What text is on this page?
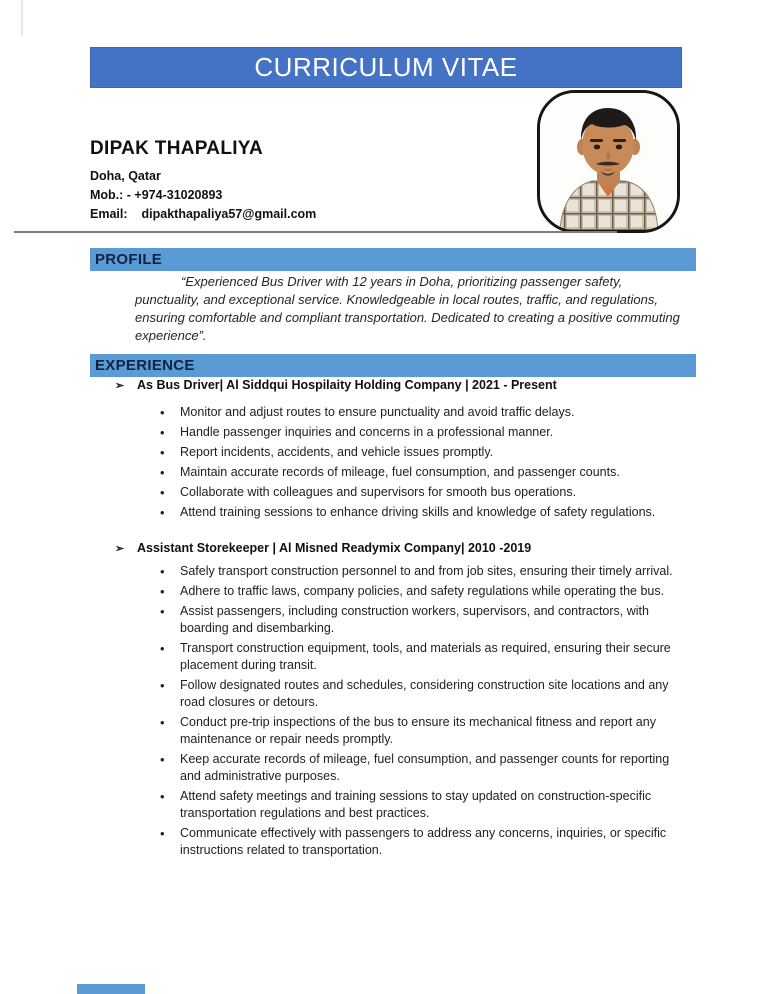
CURRICULUM VITAE
DIPAK THAPALIYA
Doha, Qatar
Mob.: - +974-31020893
Email: dipakthapaliya57@gmail.com
PROFILE
“Experienced Bus Driver with 12 years in Doha, prioritizing passenger safety, punctuality, and exceptional service. Knowledgeable in local routes, traffic, and regulations, ensuring comfortable and compliant transportation. Dedicated to creating a positive commuting experience”.
EXPERIENCE
➢	As Bus Driver| Al Siddqui Hospilaity Holding Company | 2021 - Present
•	Monitor and adjust routes to ensure punctuality and avoid traffic delays.
•	Handle passenger inquiries and concerns in a professional manner.
•	Report incidents, accidents, and vehicle issues promptly.
•	Maintain accurate records of mileage, fuel consumption, and passenger counts.
•	Collaborate with colleagues and supervisors for smooth bus operations.
•	Attend training sessions to enhance driving skills and knowledge of safety regulations.
➢	Assistant Storekeeper | Al Misned Readymix Company| 2010 -2019
•	Safely transport construction personnel to and from job sites, ensuring their timely arrival.
•	Adhere to traffic laws, company policies, and safety regulations while operating the bus.
•	Assist passengers, including construction workers, supervisors, and contractors, with boarding and disembarking.
•	Transport construction equipment, tools, and materials as required, ensuring their secure placement during transit.
•	Follow designated routes and schedules, considering construction site locations and any road closures or detours.
•	Conduct pre-trip inspections of the bus to ensure its mechanical fitness and report any maintenance or repair needs promptly.
•	Keep accurate records of mileage, fuel consumption, and passenger counts for reporting and administrative purposes.
•	Attend safety meetings and training sessions to stay updated on construction-specific transportation regulations and best practices.
•	Communicate effectively with passengers to address any concerns, inquiries, or specific instructions related to transportation.
